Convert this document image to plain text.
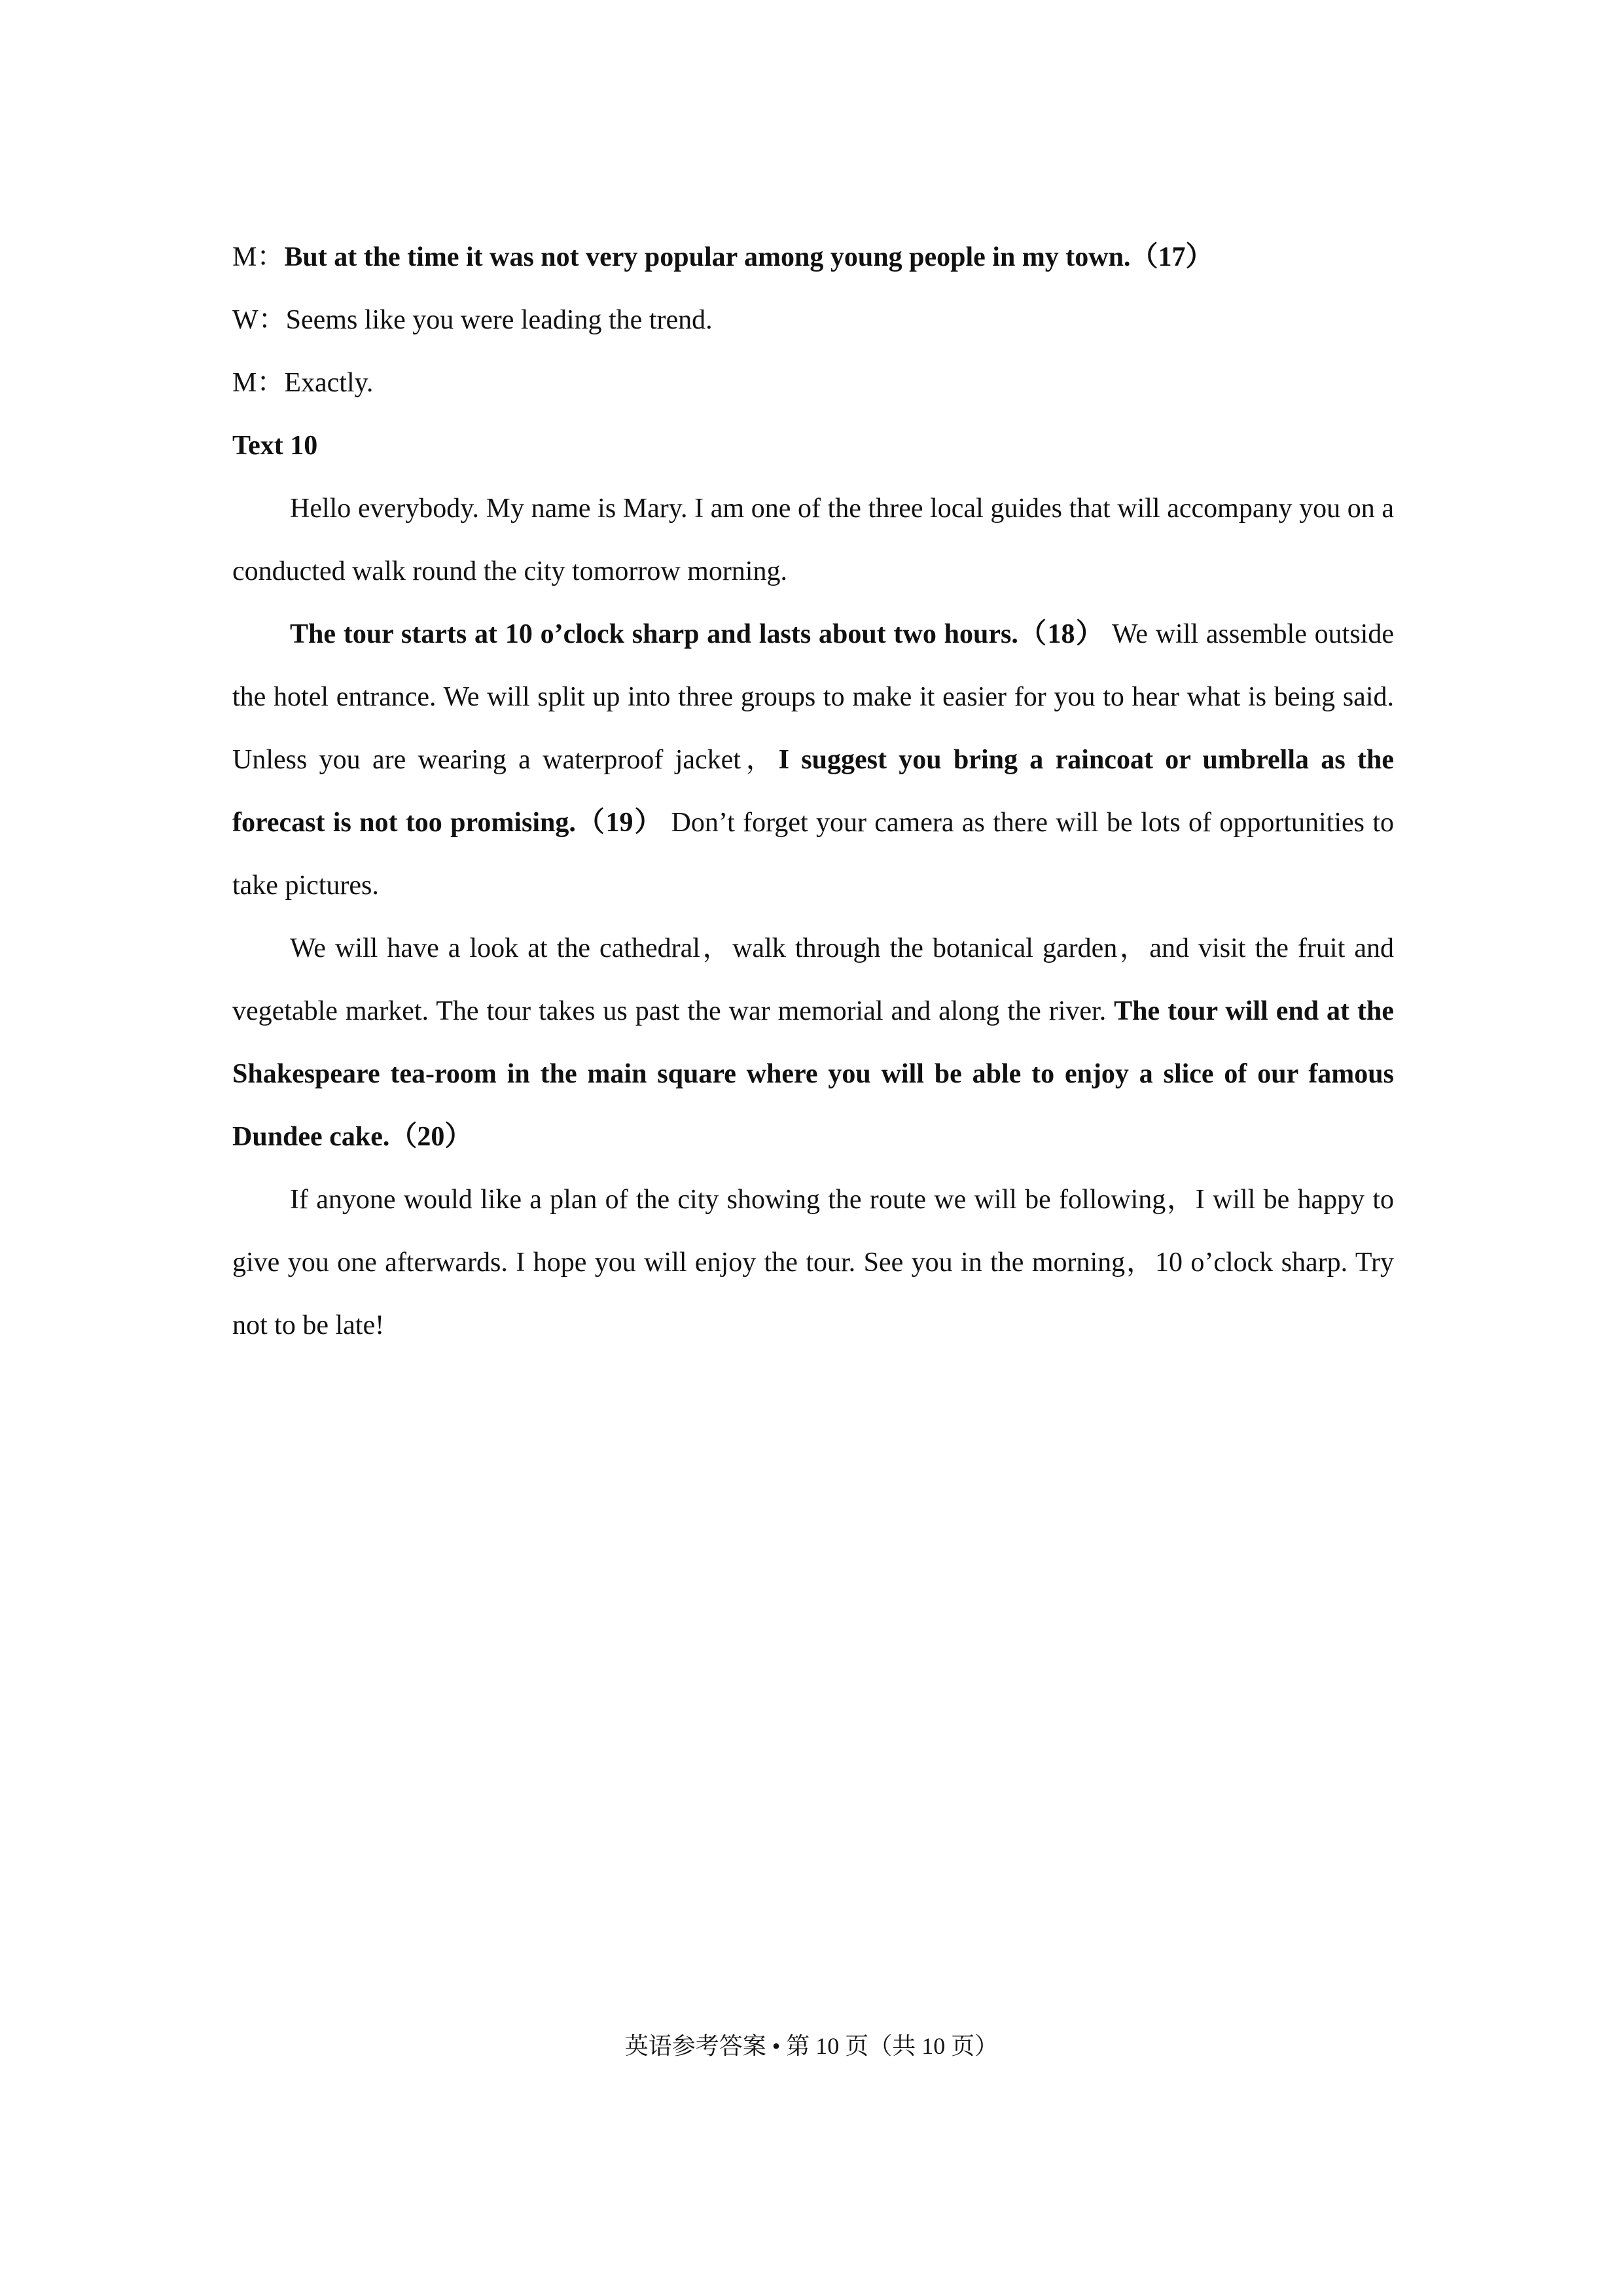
M：But at the time it was not very popular among young people in my town.（17）

W：Seems like you were leading the trend.

M：Exactly.

Text 10

Hello everybody. My name is Mary. I am one of the three local guides that will accompany you on a conducted walk round the city tomorrow morning.

The tour starts at 10 o’clock sharp and lasts about two hours.（18） We will assemble outside the hotel entrance. We will split up into three groups to make it easier for you to hear what is being said. Unless you are wearing a waterproof jacket，I suggest you bring a raincoat or umbrella as the forecast is not too promising.（19） Don’t forget your camera as there will be lots of opportunities to take pictures.

We will have a look at the cathedral，walk through the botanical garden，and visit the fruit and vegetable market. The tour takes us past the war memorial and along the river. The tour will end at the Shakespeare tea-room in the main square where you will be able to enjoy a slice of our famous Dundee cake.（20）

If anyone would like a plan of the city showing the route we will be following，I will be happy to give you one afterwards. I hope you will enjoy the tour. See you in the morning，10 o’clock sharp. Try not to be late!

英语参考答案 • 第 10 页（共 10 页）
